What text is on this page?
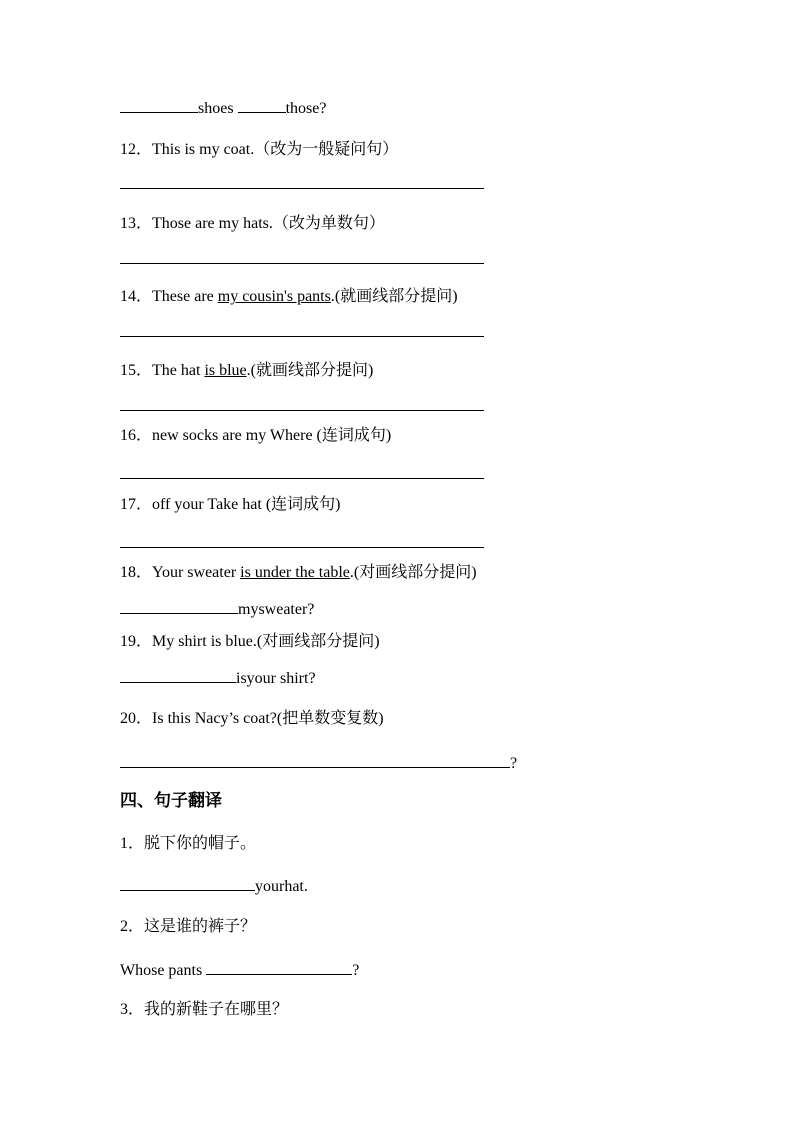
shoes	those?
12．This is my coat.（改为一般疑问句）
13．Those are my hats.（改为单数句）
14．These are my cousin's pants.(就画线部分提问)
15．The hat is blue.(就画线部分提问)
16．new socks are my Where (连词成句)
17．off your Take hat (连词成句)
18．Your sweater is under the table.(对画线部分提问)
mysweater?
19．My shirt is blue.(对画线部分提问)
isyour shirt?
20．Is this Nacy’s coat?(把单数变复数)
?
四、句子翻译
1．脱下你的帽子。
yourhat.
2．这是谁的裤子？
Whose pants	?
3．我的新鞋子在哪里？
